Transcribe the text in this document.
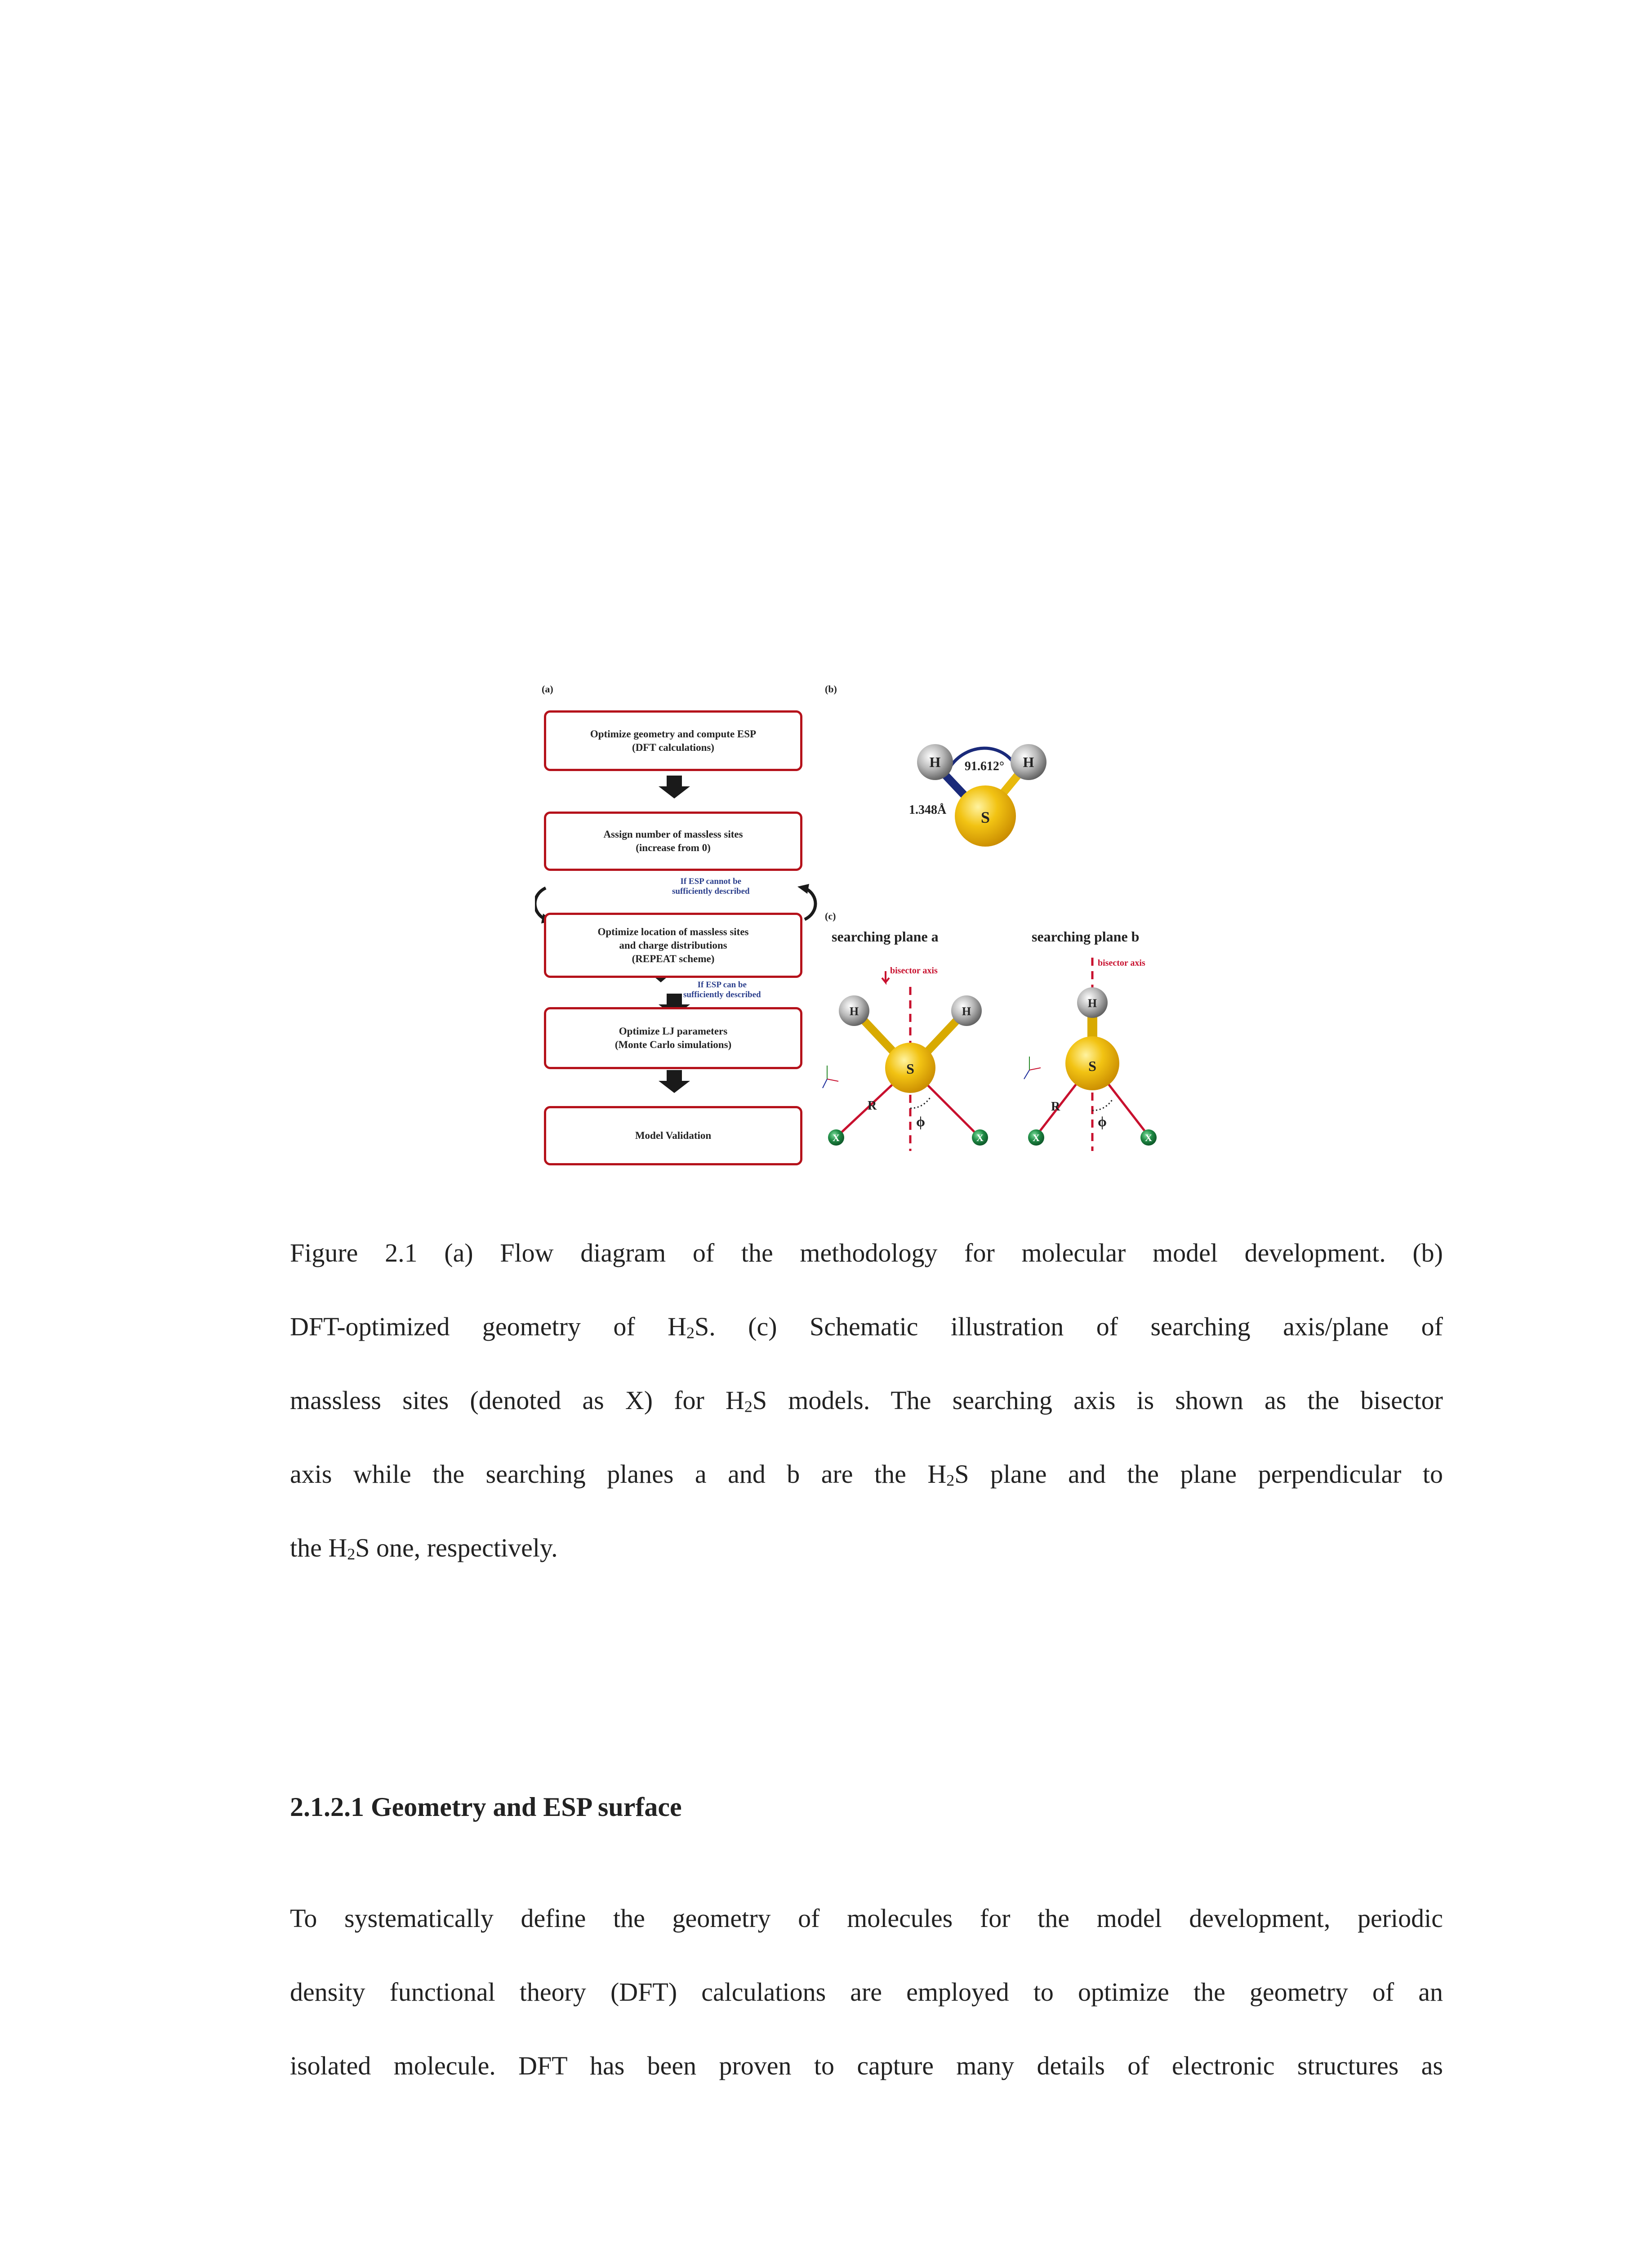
(a)
Optimize geometry and compute ESP
(DFT calculations)
Assign number of massless sites
(increase from 0)
If ESP cannot be
sufficiently described
Optimize location of massless sites
and charge distributions
(REPEAT scheme)
If ESP can be
sufficiently described
Optimize LJ parameters
(Monte Carlo simulations)
Model Validation
(b)
H	H
S
91.612°
1.348Å
(c)
searching plane a	searching plane b
bisector axis
H	H
S
X	X
R
ϕ
bisector axis
H
S
X	X
R
ϕ
Figure 2.1 (a) Flow diagram of the methodology for molecular model development. (b)
DFT-optimized geometry of $H_2S$. (c) Schematic illustration of searching axis/plane of
massless sites (denoted as X) for $H_2S$ models. The searching axis is shown as the bisector
axis while the searching planes a and b are the $H_2S$ plane and the plane perpendicular to
the $H_2S$ one, respectively.
2.1.2.1 Geometry and ESP surface
To systematically define the geometry of molecules for the model development, periodic
density functional theory (DFT) calculations are employed to optimize the geometry of an
isolated molecule. DFT has been proven to capture many details of electronic structures as
